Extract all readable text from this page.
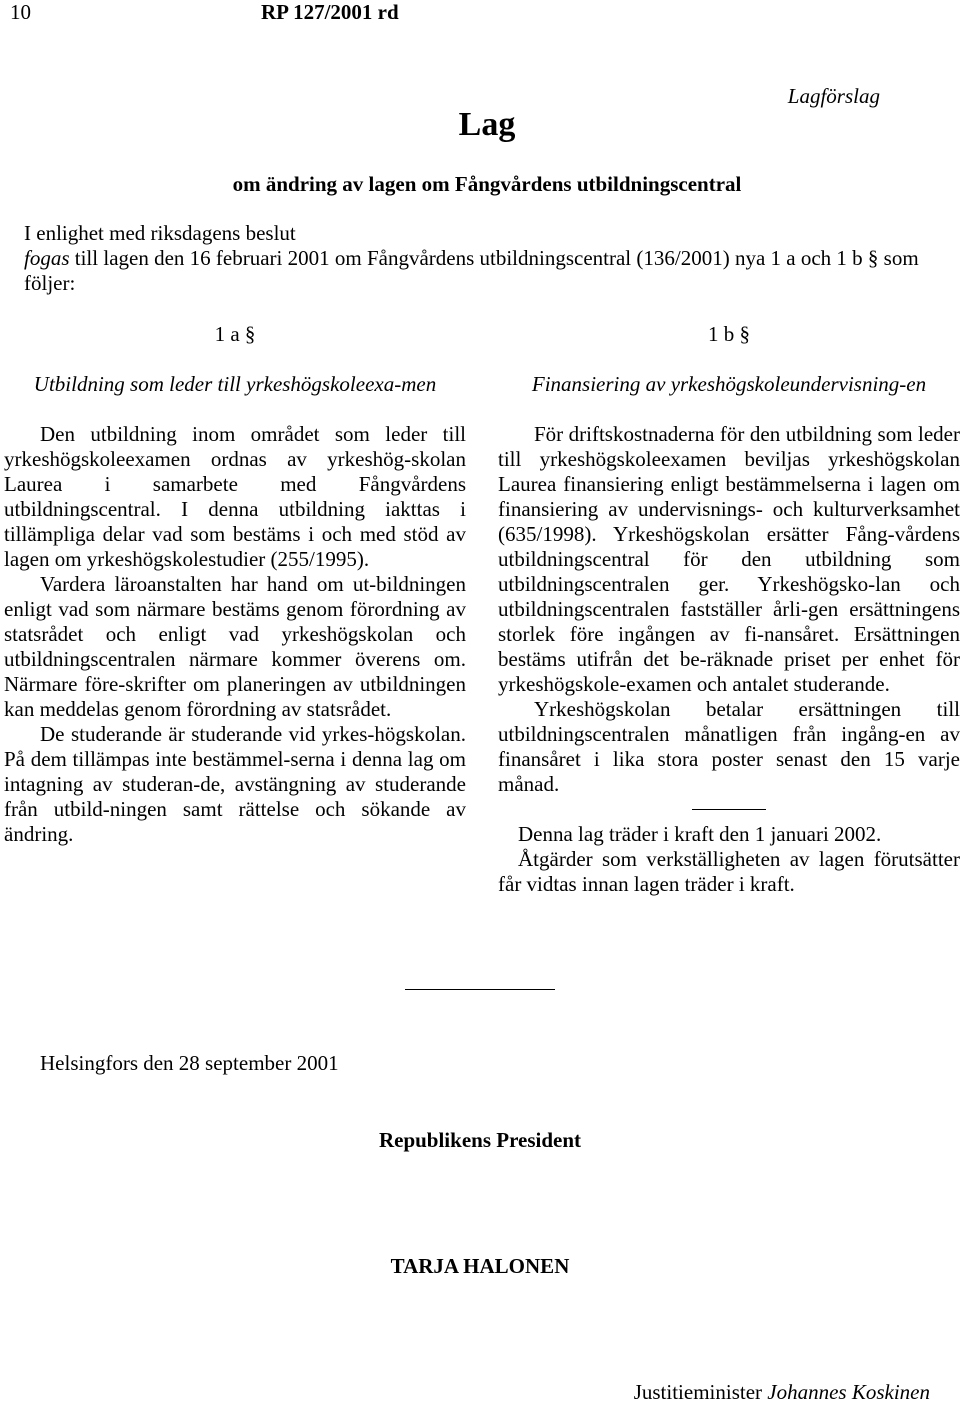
10	RP 127/2001 rd
Lagförslag
Lag
om ändring av lagen om Fångvårdens utbildningscentral
I enlighet med riksdagens beslut
fogas till lagen den 16 februari 2001 om Fångvårdens utbildningscentral (136/2001) nya 1 a och 1 b § som följer:
1 a §
Utbildning som leder till yrkeshögskoleexa-men

Den utbildning inom området som leder till yrkeshögskoleexamen ordnas av yrkeshög-skolan Laurea i samarbete med Fångvårdens utbildningscentral. I denna utbildning iakttas i tillämpliga delar vad som bestäms i och med stöd av lagen om yrkeshögskolestudier (255/1995).

Vardera läroanstalten har hand om ut-bildningen enligt vad som närmare bestäms genom förordning av statsrådet och enligt vad yrkeshögskolan och utbildningscentralen närmare kommer överens om. Närmare före-skrifter om planeringen av utbildningen kan meddelas genom förordning av statsrådet.

De studerande är studerande vid yrkes-högskolan. På dem tillämpas inte bestämmel-serna i denna lag om intagning av studeran-de, avstängning av studerande från utbild-ningen samt rättelse och sökande av ändring.

1 b §
Finansiering av yrkeshögskoleundervisning-en

För driftskostnaderna för den utbildning som leder till yrkeshögskoleexamen beviljas yrkeshögskolan Laurea finansiering enligt bestämmelserna i lagen om finansiering av undervisnings- och kulturverksamhet (635/1998). Yrkeshögskolan ersätter Fång-vårdens utbildningscentral för den utbildning som utbildningscentralen ger. Yrkeshögsko-lan och utbildningscentralen fastställer årli-gen ersättningens storlek före ingången av fi-nansåret. Ersättningen bestäms utifrån det be-räknade priset per enhet för yrkeshögskole-examen och antalet studerande.

Yrkeshögskolan betalar ersättningen till utbildningscentralen månatligen från ingång-en av finansåret i lika stora poster senast den 15 varje månad.

Denna lag träder i kraft den 1 januari 2002.

Åtgärder som verkställigheten av lagen förutsätter får vidtas innan lagen träder i kraft.

Helsingfors den 28 september 2001
Republikens President
TARJA HALONEN
Justitieminister Johannes Koskinen
